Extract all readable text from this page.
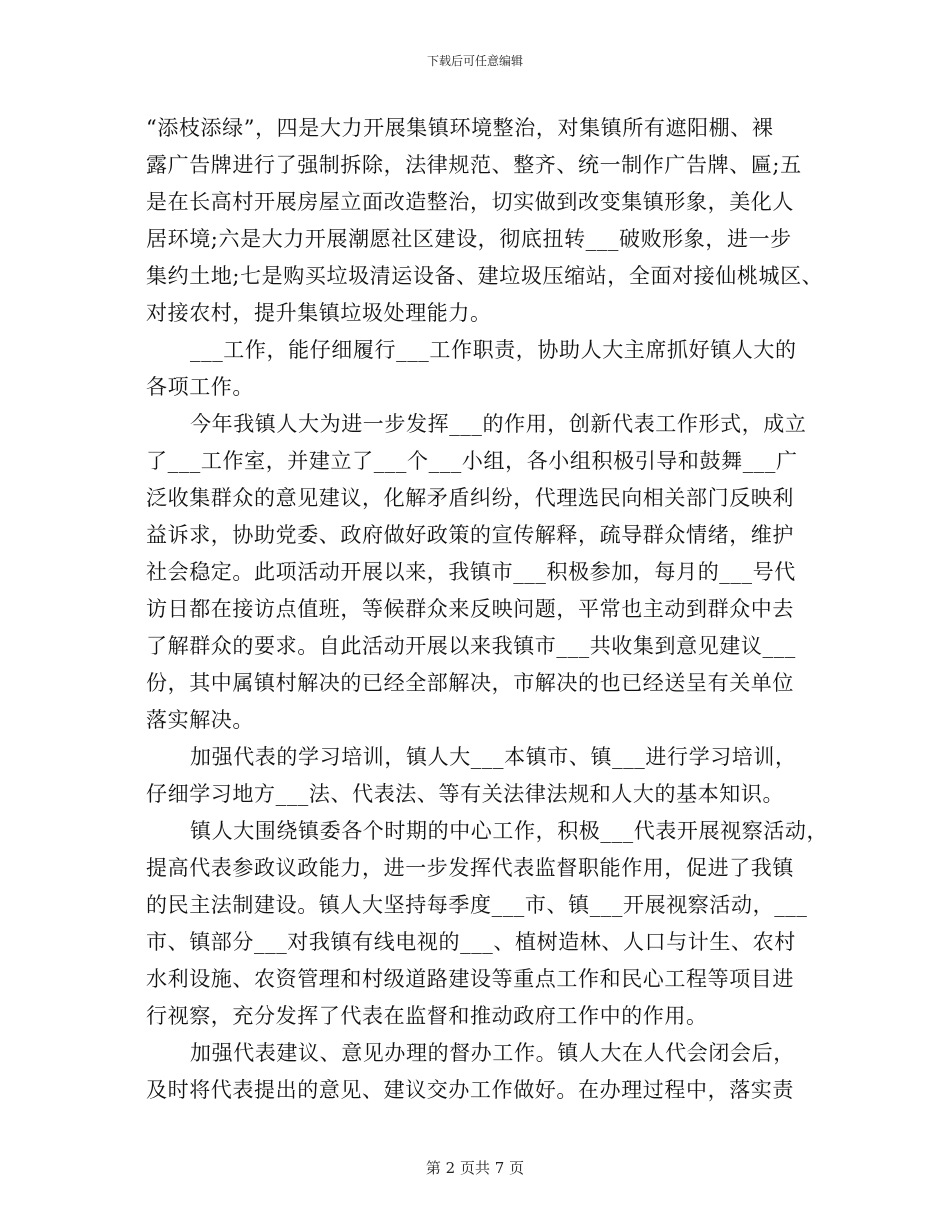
下载后可任意编辑
“添枝添绿”，四是大力开展集镇环境整治，对集镇所有遮阳棚、裸
露广告牌进行了强制拆除，法律规范、整齐、统一制作广告牌、匾;五
是在长高村开展房屋立面改造整治，切实做到改变集镇形象，美化人
居环境;六是大力开展潮愿社区建设，彻底扭转___破败形象，进一步
集约土地;七是购买垃圾清运设备、建垃圾压缩站，全面对接仙桃城区、
对接农村，提升集镇垃圾处理能力。
___工作，能仔细履行___工作职责，协助人大主席抓好镇人大的
各项工作。
今年我镇人大为进一步发挥___的作用，创新代表工作形式，成立
了___工作室，并建立了___个___小组，各小组积极引导和鼓舞___广
泛收集群众的意见建议，化解矛盾纠纷，代理选民向相关部门反映利
益诉求，协助党委、政府做好政策的宣传解释，疏导群众情绪，维护
社会稳定。此项活动开展以来，我镇市___积极参加，每月的___号代
访日都在接访点值班，等候群众来反映问题，平常也主动到群众中去
了解群众的要求。自此活动开展以来我镇市___共收集到意见建议___
份，其中属镇村解决的已经全部解决，市解决的也已经送呈有关单位
落实解决。
加强代表的学习培训，镇人大___本镇市、镇___进行学习培训，
仔细学习地方___法、代表法、等有关法律法规和人大的基本知识。
镇人大围绕镇委各个时期的中心工作，积极___代表开展视察活动，
提高代表参政议政能力，进一步发挥代表监督职能作用，促进了我镇
的民主法制建设。镇人大坚持每季度___市、镇___开展视察活动，___
市、镇部分___对我镇有线电视的___、植树造林、人口与计生、农村
水利设施、农资管理和村级道路建设等重点工作和民心工程等项目进
行视察，充分发挥了代表在监督和推动政府工作中的作用。
加强代表建议、意见办理的督办工作。镇人大在人代会闭会后，
及时将代表提出的意见、建议交办工作做好。在办理过程中，落实责
第 2 页共 7 页
